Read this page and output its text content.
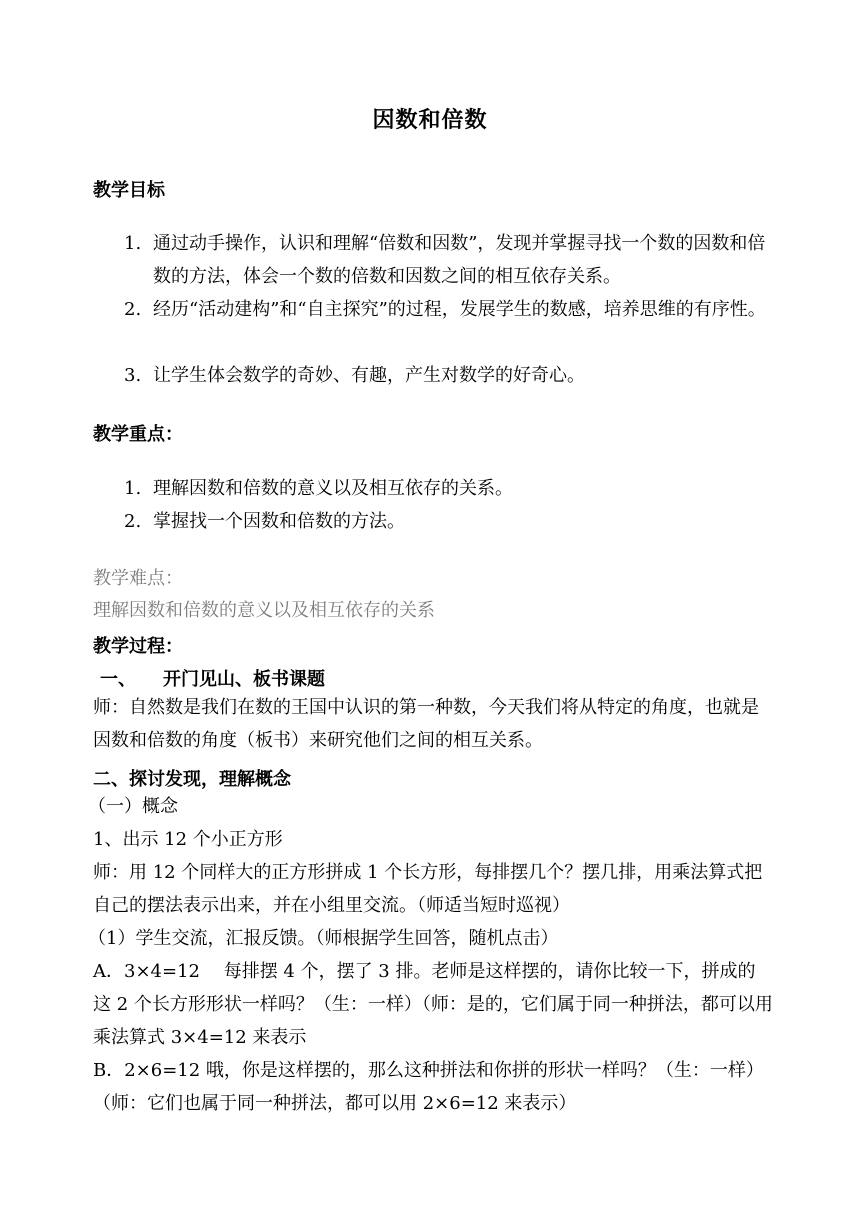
因数和倍数
教学目标
1. 通过动手操作，认识和理解“倍数和因数”，发现并掌握寻找一个数的因数和倍数的方法，体会一个数的倍数和因数之间的相互依存关系。
2. 经历“活动建构”和“自主探究”的过程，发展学生的数感，培养思维的有序性。
3. 让学生体会数学的奇妙、有趣，产生对数学的好奇心。
教学重点：
1. 理解因数和倍数的意义以及相互依存的关系。
2. 掌握找一个因数和倍数的方法。
教学难点：
理解因数和倍数的意义以及相互依存的关系
教学过程：
一、 开门见山、板书课题
师：自然数是我们在数的王国中认识的第一种数，今天我们将从特定的角度，也就是因数和倍数的角度（板书）来研究他们之间的相互关系。
二、探讨发现，理解概念
（一）概念
1、出示 12 个小正方形
师：用 12 个同样大的正方形拼成 1 个长方形，每排摆几个？摆几排，用乘法算式把自己的摆法表示出来，并在小组里交流。（师适当短时巡视）
（1）学生交流，汇报反馈。（师根据学生回答，随机点击）
A．3×4=12　 每排摆 4 个，摆了 3 排。老师是这样摆的，请你比较一下，拼成的这 2 个长方形形状一样吗？（生：一样）（师：是的，它们属于同一种拼法，都可以用乘法算式 3×4=12 来表示
B．2×6=12 哦，你是这样摆的，那么这种拼法和你拼的形状一样吗？（生：一样）（师：它们也属于同一种拼法，都可以用 2×6=12 来表示）
